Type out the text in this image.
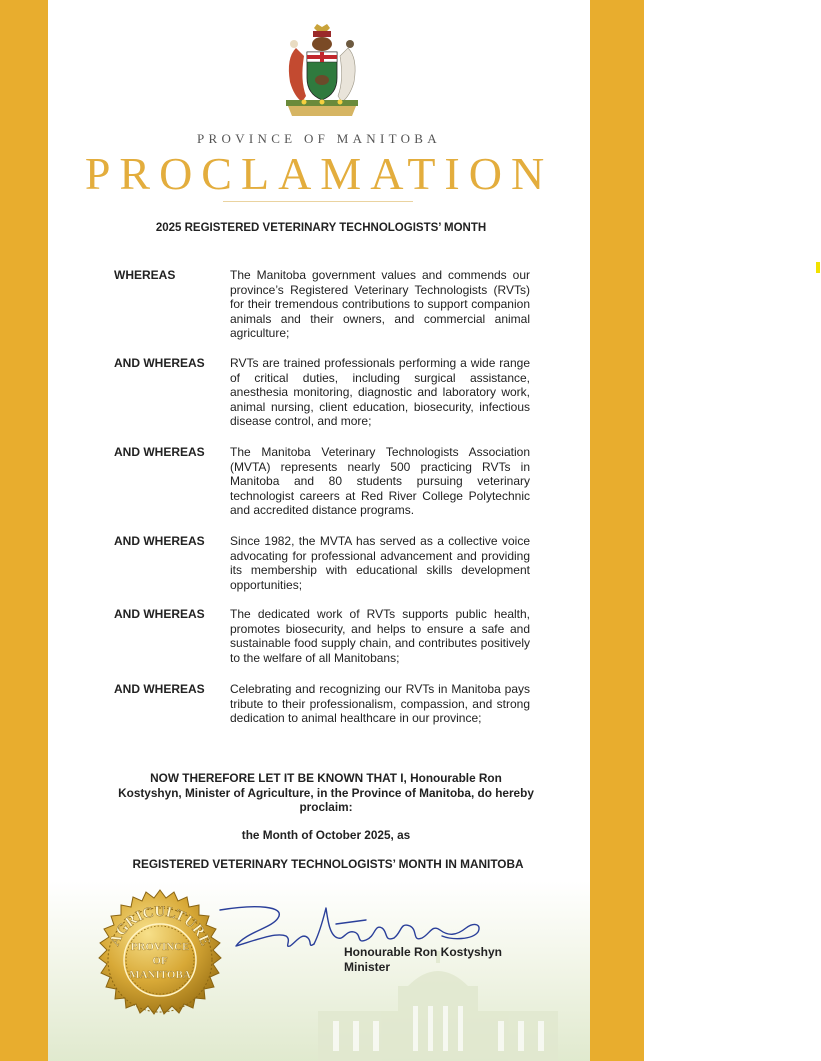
PROVINCE OF MANITOBA
PROCLAMATION
2025 REGISTERED VETERINARY TECHNOLOGISTS’ MONTH
WHEREAS	The Manitoba government values and commends our province’s Registered Veterinary Technologists (RVTs) for their tremendous contributions to support companion animals and their owners, and commercial animal agriculture;
AND WHEREAS RVTs are trained professionals performing a wide range of critical duties, including surgical assistance, anesthesia monitoring, diagnostic and laboratory work, animal nursing, client education, biosecurity, infectious disease control, and more;
AND WHEREAS The Manitoba Veterinary Technologists Association (MVTA) represents nearly 500 practicing RVTs in Manitoba and 80 students pursuing veterinary technologist careers at Red River College Polytechnic and accredited distance programs.
AND WHEREAS Since 1982, the MVTA has served as a collective voice advocating for professional advancement and providing its membership with educational skills development opportunities;
AND WHEREAS The dedicated work of RVTs supports public health, promotes biosecurity, and helps to ensure a safe and sustainable food supply chain, and contributes positively to the welfare of all Manitobans;
AND WHEREAS Celebrating and recognizing our RVTs in Manitoba pays tribute to their professionalism, compassion, and strong dedication to animal healthcare in our province;
NOW THEREFORE LET IT BE KNOWN THAT I, Honourable Ron Kostyshyn, Minister of Agriculture, in the Province of Manitoba, do hereby proclaim:
the Month of October 2025, as
REGISTERED VETERINARY TECHNOLOGISTS’ MONTH IN MANITOBA
AGRICULTURE
PROVINCE
OF
MANITOBA
Honourable Ron Kostyshyn
Minister
